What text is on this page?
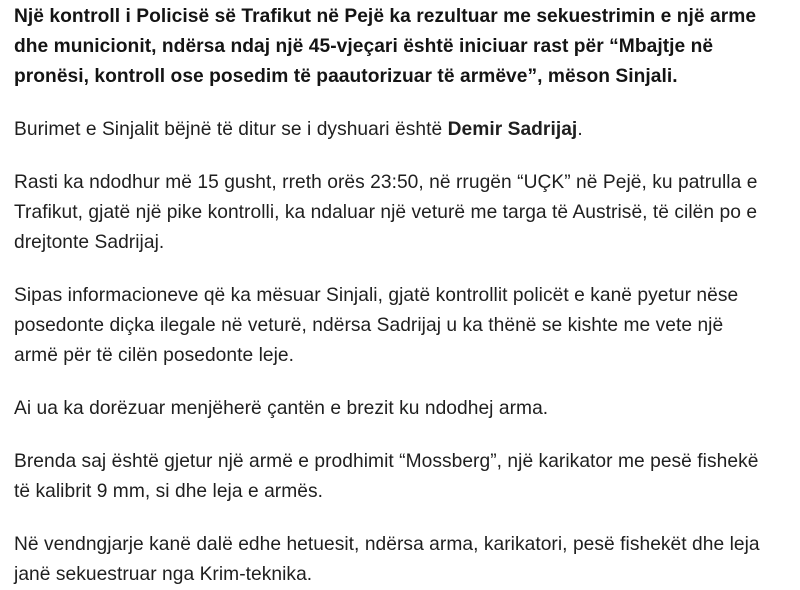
Një kontroll i Policisë së Trafikut në Pejë ka rezultuar me sekuestrimin e një arme dhe municionit, ndërsa ndaj një 45-vjeçari është iniciuar rast për “Mbajtje në pronësi, kontroll ose posedim të paautorizuar të armëve”, mëson Sinjali.

Burimet e Sinjalit bëjnë të ditur se i dyshuari është Demir Sadrijaj.

Rasti ka ndodhur më 15 gusht, rreth orës 23:50, në rrugën “UÇK” në Pejë, ku patrulla e Trafikut, gjatë një pike kontrolli, ka ndaluar një veturë me targa të Austrisë, të cilën po e drejtonte Sadrijaj.

Sipas informacioneve që ka mësuar Sinjali, gjatë kontrollit policët e kanë pyetur nëse posedonte diçka ilegale në veturë, ndërsa Sadrijaj u ka thënë se kishte me vete një armë për të cilën posedonte leje.

Ai ua ka dorëzuar menjëherë çantën e brezit ku ndodhej arma.

Brenda saj është gjetur një armë e prodhimit “Mossberg”, një karikator me pesë fishekë të kalibrit 9 mm, si dhe leja e armës.

Në vendngjarje kanë dalë edhe hetuesit, ndërsa arma, karikatori, pesë fishekët dhe leja janë sekuestruar nga Krim-teknika.
